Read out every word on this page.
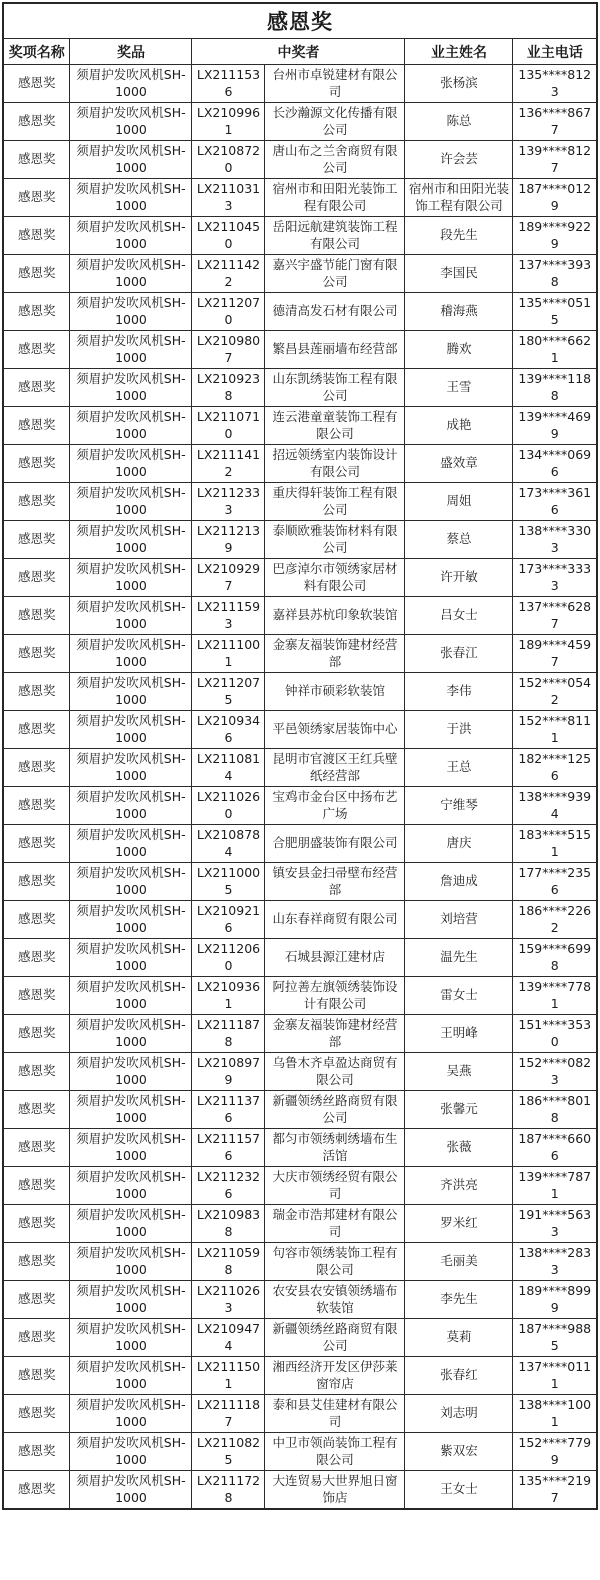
感恩奖					
奖项名称	奖品	中奖者		业主姓名	业主电话
感恩奖	须眉护发吹风机SH-1000	LX2111536	台州市卓锐建材有限公司	张杨滨	135****8123
感恩奖	须眉护发吹风机SH-1000	LX2109961	长沙瀚源文化传播有限公司	陈总	136****8677
感恩奖	须眉护发吹风机SH-1000	LX2108720	唐山布之兰舍商贸有限公司	许会芸	139****8127
感恩奖	须眉护发吹风机SH-1000	LX2110313	宿州市和田阳光装饰工程有限公司	宿州市和田阳光装饰工程有限公司	187****0129
感恩奖	须眉护发吹风机SH-1000	LX2110450	岳阳远航建筑装饰工程有限公司	段先生	189****9229
感恩奖	须眉护发吹风机SH-1000	LX2111422	嘉兴宇盛节能门窗有限公司	李国民	137****3938
感恩奖	须眉护发吹风机SH-1000	LX2112070	德清高发石材有限公司	稽海燕	135****0515
感恩奖	须眉护发吹风机SH-1000	LX2109807	繁昌县莲丽墙布经营部	腾欢	180****6621
感恩奖	须眉护发吹风机SH-1000	LX2109238	山东凯绣装饰工程有限公司	王雪	139****1188
感恩奖	须眉护发吹风机SH-1000	LX2110710	连云港童童装饰工程有限公司	成艳	139****4699
感恩奖	须眉护发吹风机SH-1000	LX2111412	招远领绣室内装饰设计有限公司	盛效章	134****0696
感恩奖	须眉护发吹风机SH-1000	LX2112333	重庆得轩装饰工程有限公司	周姐	173****3616
感恩奖	须眉护发吹风机SH-1000	LX2112139	泰顺欧雅装饰材料有限公司	蔡总	138****3303
感恩奖	须眉护发吹风机SH-1000	LX2109297	巴彦淖尔市领绣家居材料有限公司	许开敏	173****3333
感恩奖	须眉护发吹风机SH-1000	LX2111593	嘉祥县苏杭印象软装馆	吕女士	137****6287
感恩奖	须眉护发吹风机SH-1000	LX2111001	金寨友福装饰建材经营部	张春江	189****4597
感恩奖	须眉护发吹风机SH-1000	LX2112075	钟祥市硕彩软装馆	李伟	152****0542
感恩奖	须眉护发吹风机SH-1000	LX2109346	平邑领绣家居装饰中心	于洪	152****8111
感恩奖	须眉护发吹风机SH-1000	LX2110814	昆明市官渡区王红兵壁纸经营部	王总	182****1256
感恩奖	须眉护发吹风机SH-1000	LX2110260	宝鸡市金台区中扬布艺广场	宁维琴	138****9394
感恩奖	须眉护发吹风机SH-1000	LX2108784	合肥朋盛装饰有限公司	唐庆	183****5151
感恩奖	须眉护发吹风机SH-1000	LX2110005	镇安县金扫帚壁布经营部	詹迪成	177****2356
感恩奖	须眉护发吹风机SH-1000	LX2109216	山东春祥商贸有限公司	刘培营	186****2262
感恩奖	须眉护发吹风机SH-1000	LX2112060	石城县源江建材店	温先生	159****6998
感恩奖	须眉护发吹风机SH-1000	LX2109361	阿拉善左旗领绣装饰设计有限公司	雷女士	139****7781
感恩奖	须眉护发吹风机SH-1000	LX2111878	金寨友福装饰建材经营部	王明峰	151****3530
感恩奖	须眉护发吹风机SH-1000	LX2108979	乌鲁木齐卓盈达商贸有限公司	吴燕	152****0823
感恩奖	须眉护发吹风机SH-1000	LX2111376	新疆领绣丝路商贸有限公司	张馨元	186****8018
感恩奖	须眉护发吹风机SH-1000	LX2111576	都匀市领绣刺绣墙布生活馆	张薇	187****6606
感恩奖	须眉护发吹风机SH-1000	LX2112326	大庆市领绣经贸有限公司	齐洪亮	139****7871
感恩奖	须眉护发吹风机SH-1000	LX2109838	瑞金市浩邦建材有限公司	罗米红	191****5633
感恩奖	须眉护发吹风机SH-1000	LX2110598	句容市领绣装饰工程有限公司	毛丽美	138****2833
感恩奖	须眉护发吹风机SH-1000	LX2110263	农安县农安镇领绣墙布软装馆	李先生	189****8999
感恩奖	须眉护发吹风机SH-1000	LX2109474	新疆领绣丝路商贸有限公司	莫莉	187****9885
感恩奖	须眉护发吹风机SH-1000	LX2111501	湘西经济开发区伊莎莱窗帘店	张春红	137****0111
感恩奖	须眉护发吹风机SH-1000	LX2111187	泰和县艾佳建材有限公司	刘志明	138****1001
感恩奖	须眉护发吹风机SH-1000	LX2110825	中卫市领尚装饰工程有限公司	紫双宏	152****7799
感恩奖	须眉护发吹风机SH-1000	LX2111728	大连贸易大世界旭日窗饰店	王女士	135****2197
